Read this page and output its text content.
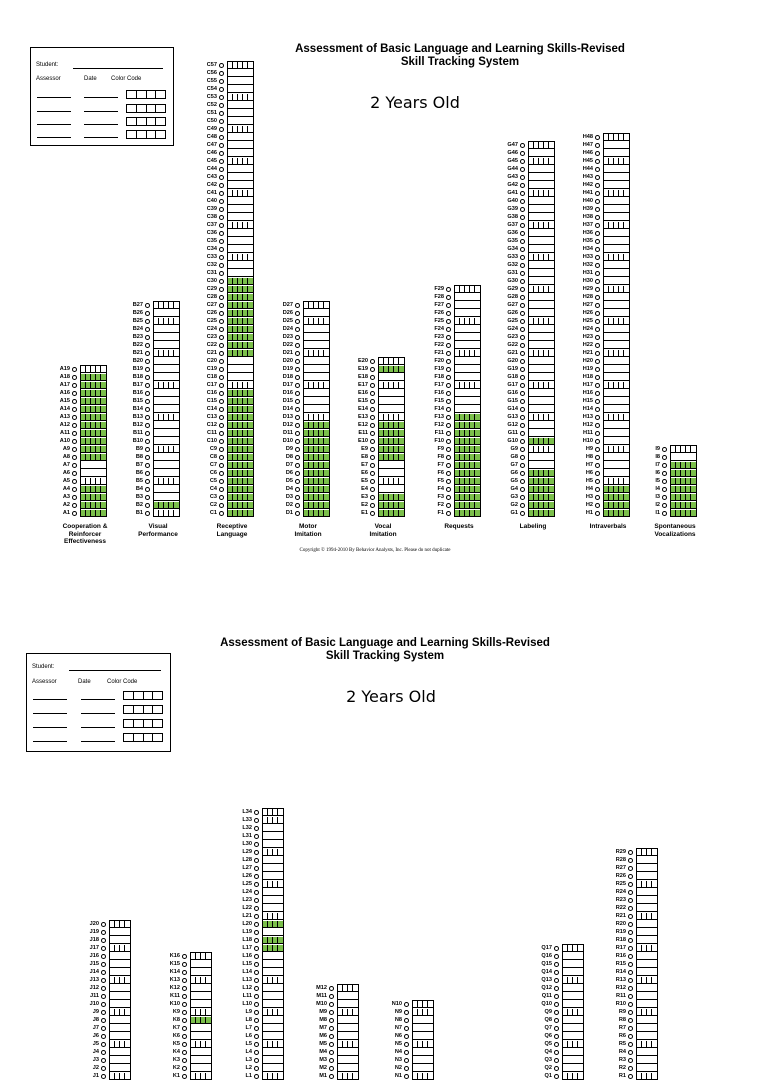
Assessment of Basic Language and Learning Skills-Revised
Skill Tracking System
2 Years Old
Student:
Assessor	Date Color Code
A1
A2
A3
A4
A5
A6
A7
A8
A9
A10
A11
A12
A13
A14
A15
A16
A17
A18
A19
Cooperation &
Reinforcer
Effectiveness
B1
B2
B3
B4
B5
B6
B7
B8
B9
B10
B11
B12
B13
B14
B15
B16
B17
B18
B19
B20
B21
B22
B23
B24
B25
B26
B27
Visual
Performance
C1
C2
C3
C4
C5
C6
C7
C8
C9
C10
C11
C12
C13
C14
C15
C16
C17
C18
C19
C20
C21
C22
C23
C24
C25
C26
C27
C28
C29
C30
C31
C32
C33
C34
C35
C36
C37
C38
C39
C40
C41
C42
C43
C44
C45
C46
C47
C48
C49
C50
C51
C52
C53
C54
C55
C56
C57
Receptive
Language
D1
D2
D3
D4
D5
D6
D7
D8
D9
D10
D11
D12
D13
D14
D15
D16
D17
D18
D19
D20
D21
D22
D23
D24
D25
D26
D27
Motor
Imitation
E1
E2
E3
E4
E5
E6
E7
E8
E9
E10
E11
E12
E13
E14
E15
E16
E17
E18
E19
E20
Vocal
Imitation
F1
F2
F3
F4
F5
F6
F7
F8
F9
F10
F11
F12
F13
F14
F15
F16
F17
F18
F19
F20
F21
F22
F23
F24
F25
F26
F27
F28
F29
Requests
G1
G2
G3
G4
G5
G6
G7
G8
G9
G10
G11
G12
G13
G14
G15
G16
G17
G18
G19
G20
G21
G22
G23
G24
G25
G26
G27
G28
G29
G30
G31
G32
G33
G34
G35
G36
G37
G38
G39
G40
G41
G42
G43
G44
G45
G46
G47
Labeling
H1
H2
H3
H4
H5
H6
H7
H8
H9
H10
H11
H12
H13
H14
H15
H16
H17
H18
H19
H20
H21
H22
H23
H24
H25
H26
H27
H28
H29
H30
H31
H32
H33
H34
H35
H36
H37
H38
H39
H40
H41
H42
H43
H44
H45
H46
H47
H48
Intraverbals
I1
I2
I3
I4
I5
I6
I7
I8
I9
Spontaneous
Vocalizations
Copyright © 1994-2010 By Behavior Analysts, Inc. Please do not duplicate
Assessment of Basic Language and Learning Skills-Revised
Skill Tracking System
2 Years Old
Student:
Assessor	Date	Color Code
J1
J2
J3
J4
J5
J6
J7
J8
J9
J10
J11
J12
J13
J14
J15
J16
J17
J18
J19
J20
K1
K2
K3
K4
K5
K6
K7
K8
K9
K10
K11
K12
K13
K14
K15
K16
L1
L2
L3
L4
L5
L6
L7
L8
L9
L10
L11
L12
L13
L14
L15
L16
L17
L18
L19
L20
L21
L22
L23
L24
L25
L26
L27
L28
L29
L30
L31
L32
L33
L34
M1
M2
M3
M4
M5
M6
M7
M8
M9
M10
M11
M12
N1
N2
N3
N4
N5
N6
N7
N8
N9
N10
Q1
Q2
Q3
Q4
Q5
Q6
Q7
Q8
Q9
Q10
Q11
Q12
Q13
Q14
Q15
Q16
Q17
R1
R2
R3
R4
R5
R6
R7
R8
R9
R10
R11
R12
R13
R14
R15
R16
R17
R18
R19
R20
R21
R22
R23
R24
R25
R26
R27
R28
R29
